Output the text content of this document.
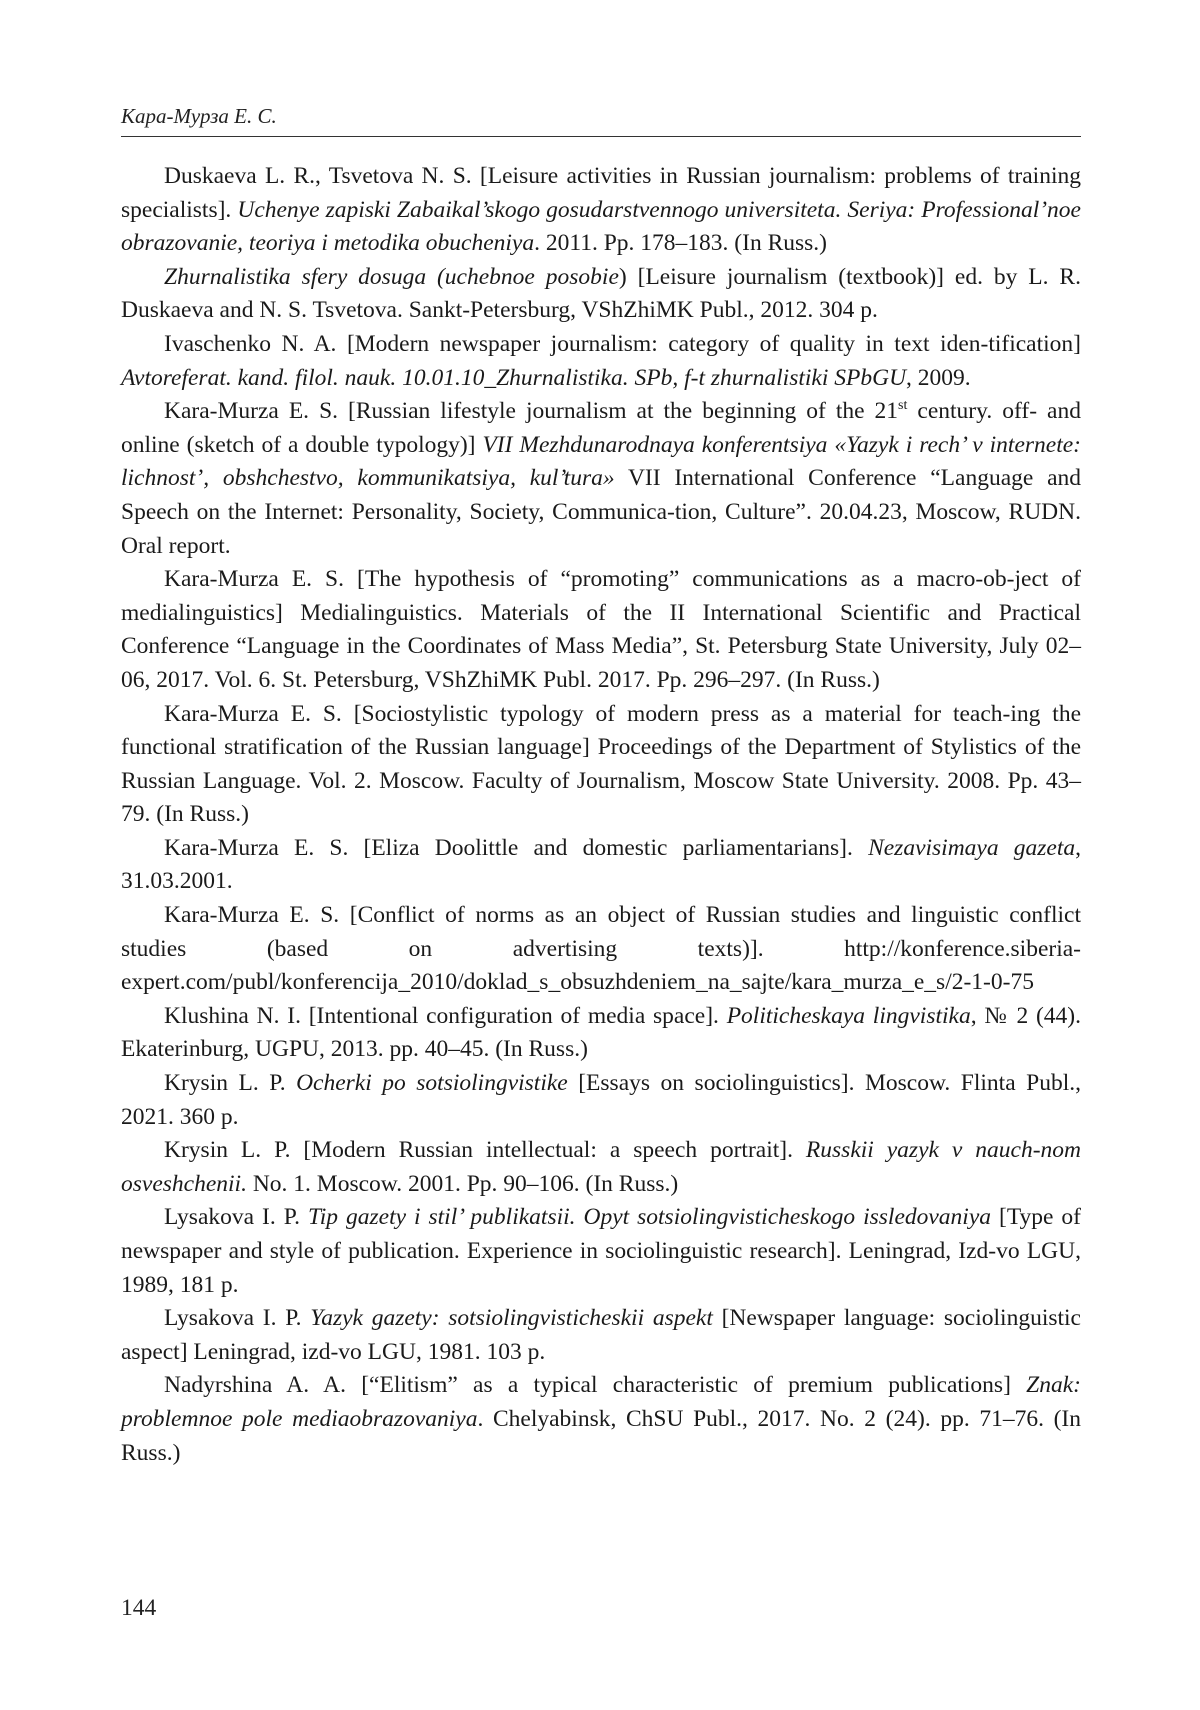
Кара-Мурза Е. С.

Duskaeva L. R., Tsvetova N. S. [Leisure activities in Russian journalism: problems of training specialists]. Uchenye zapiski Zabaikal’skogo gosudarstvennogo universiteta. Seriya: Professional’noe obrazovanie, teoriya i metodika obucheniya. 2011. Pp. 178–183. (In Russ.)

Zhurnalistika sfery dosuga (uchebnoe posobie) [Leisure journalism (textbook)] ed. by L. R. Duskaeva and N. S. Tsvetova. Sankt-Petersburg, VShZhiMK Publ., 2012. 304 p.

Ivaschenko N. A. [Modern newspaper journalism: category of quality in text iden-tification] Avtoreferat. kand. filol. nauk. 10.01.10_Zhurnalistika. SPb, f-t zhurnalistiki SPbGU, 2009.

Kara-Murza E. S. [Russian lifestyle journalism at the beginning of the 21st century. off- and online (sketch of a double typology)] VII Mezhdunarodnaya konferentsiya «Yazyk i rech’ v internete: lichnost’, obshchestvo, kommunikatsiya, kul’tura» VII International Conference “Language and Speech on the Internet: Personality, Society, Communica-tion, Culture”. 20.04.23, Moscow, RUDN. Oral report.

Kara-Murza E. S. [The hypothesis of “promoting” communications as a macro-ob-ject of medialinguistics] Medialinguistics. Materials of the II International Scientific and Practical Conference “Language in the Coordinates of Mass Media”, St. Petersburg State University, July 02–06, 2017. Vol. 6. St. Petersburg, VShZhiMK Publ. 2017. Pp. 296–297. (In Russ.)

Kara-Murza E. S. [Sociostylistic typology of modern press as a material for teach-ing the functional stratification of the Russian language] Proceedings of the Department of Stylistics of the Russian Language. Vol. 2. Moscow. Faculty of Journalism, Moscow State University. 2008. Pp. 43–79. (In Russ.)

Kara-Murza E. S. [Eliza Doolittle and domestic parliamentarians]. Nezavisimaya gazeta, 31.03.2001.

Kara-Murza E. S. [Conflict of norms as an object of Russian studies and linguistic conflict studies (based on advertising texts)]. http://konference.siberia-expert.com/publ/konferencija_2010/doklad_s_obsuzhdeniem_na_sajte/kara_murza_e_s/2-1-0-75

Klushina N. I. [Intentional configuration of media space]. Politicheskaya lingvistika, № 2 (44). Ekaterinburg, UGPU, 2013. pp. 40–45. (In Russ.)

Krysin L. P. Ocherki po sotsiolingvistike [Essays on sociolinguistics]. Moscow. Flinta Publ., 2021. 360 p.

Krysin L. P. [Modern Russian intellectual: a speech portrait]. Russkii yazyk v nauch-nom osveshchenii. No. 1. Moscow. 2001. Pp. 90–106. (In Russ.)

Lysakova I. P. Tip gazety i stil’ publikatsii. Opyt sotsiolingvisticheskogo issledovaniya [Type of newspaper and style of publication. Experience in sociolinguistic research]. Leningrad, Izd-vo LGU, 1989, 181 p.

Lysakova I. P. Yazyk gazety: sotsiolingvisticheskii aspekt [Newspaper language: sociolinguistic aspect] Leningrad, izd-vo LGU, 1981. 103 p.

Nadyrshina A. A. [“Elitism” as a typical characteristic of premium publications] Znak: problemnoe pole mediaobrazovaniya. Chelyabinsk, ChSU Publ., 2017. No. 2 (24). pp. 71–76. (In Russ.)

144
